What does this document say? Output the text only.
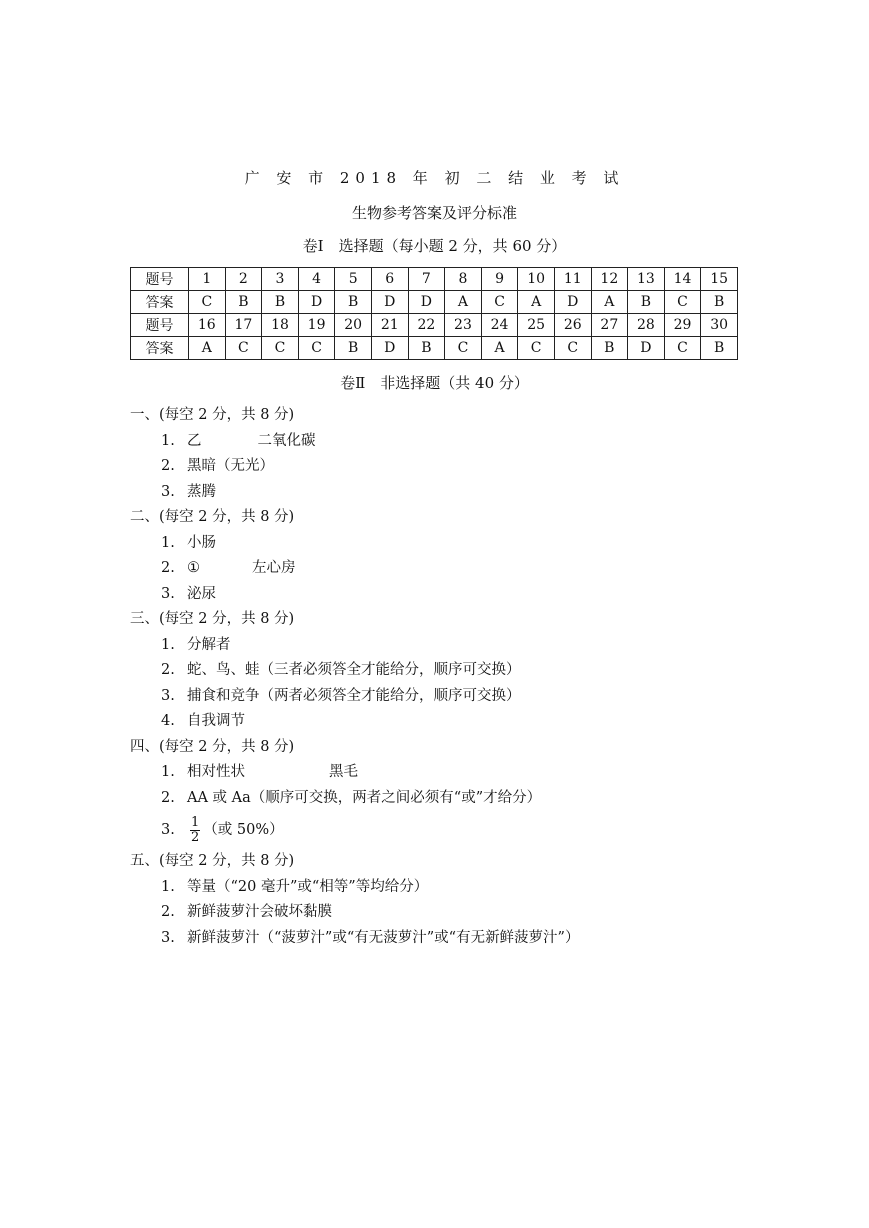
广 安 市 2018 年 初 二 结 业 考 试
生物参考答案及评分标准
卷Ⅰ　选择题（每小题 2 分，共 60 分）
题号	1	2	3	4	5	6	7	8	9	10	11	12	13	14	15
答案	C	B	B	D	B	D	D	A	C	A	D	A	B	C	B
题号	16	17	18	19	20	21	22	23	24	25	26	27	28	29	30
答案	A	C	C	C	B	D	B	C	A	C	C	B	D	C	B
卷Ⅱ　非选择题（共 40 分）
一、(每空 2 分，共 8 分)
1. 乙	二氧化碳
2. 黑暗（无光）
3. 蒸腾
二、(每空 2 分，共 8 分)
1. 小肠
2. ①	左心房
3. 泌尿
三、(每空 2 分，共 8 分)
1. 分解者
2. 蛇、鸟、蛙（三者必须答全才能给分，顺序可交换）
3. 捕食和竞争（两者必须答全才能给分，顺序可交换）
4. 自我调节
四、(每空 2 分，共 8 分)
1. 相对性状	黑毛
2. AA 或 Aa（顺序可交换，两者之间必须有“或”才给分）
3. $\frac{1}{2}$ （或 50%）
五、(每空 2 分，共 8 分)
1. 等量（“20 毫升”或“相等”等均给分）
2. 新鲜菠萝汁会破坏黏膜
3. 新鲜菠萝汁（“菠萝汁”或“有无菠萝汁”或“有无新鲜菠萝汁”）
